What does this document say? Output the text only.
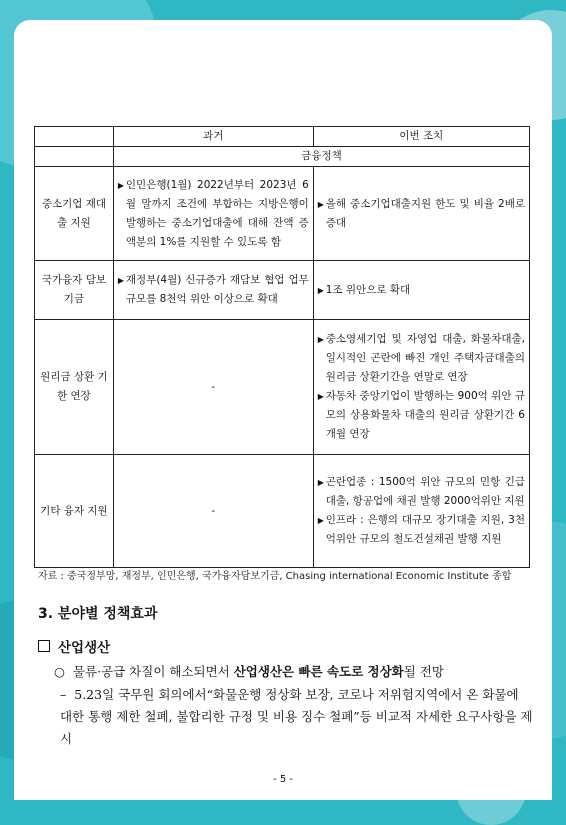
	과거	이번 조치
	금융정책	
중소기업 재대출 지원	▶ 인민은행(1월) 2022년부터 2023년 6월 말까지 조건에 부합하는 지방은행이 발행하는 중소기업대출에 대해 잔액 증액분의 1%를 지원할 수 있도록 함	▶ 올해 중소기업대출지원 한도 및 비율 2배로 증대

국가융자 담보기금	▶ 재정부(4월) 신규증가 재담보 협업 업무규모를 8천억 위안 이상으로 확대	▶ 1조 위안으로 확대

원리금 상환 기한 연장	-	▶ 중소영세기업 및 자영업 대출, 화물차대출, 일시적인 곤란에 빠진 개인 주택자금대출의 원리금 상환기간을 연말로 연장
▶ 자동차 중앙기업이 발행하는 900억 위안 규모의 상용화물차 대출의 원리금 상환기간 6개월 연장

기타 융자 지원	-	▶ 곤란업종 : 1500억 위안 규모의 민항 긴급대출, 항공업에 채권 발행 2000억위안 지원
▶ 인프라 : 은행의 대규모 장기대출 지원, 3천억위안 규모의 철도건설채권 발행 지원
자료 : 중국정부망, 재정부, 인민은행, 국가융자담보기금, Chasing international Economic Institute 종합
3. 분야별 정책효과
산업생산
○ 물류·공급 차질이 해소되면서 산업생산은 빠른 속도로 정상화될 전망
– 5.23일 국무원 회의에서“화물운행 정상화 보장, 코로나 저위험지역에서 온 화물에 대한 통행 제한 철폐, 불합리한 규정 및 비용 징수 철폐”등 비교적 자세한 요구사항을 제시
- 5 -
